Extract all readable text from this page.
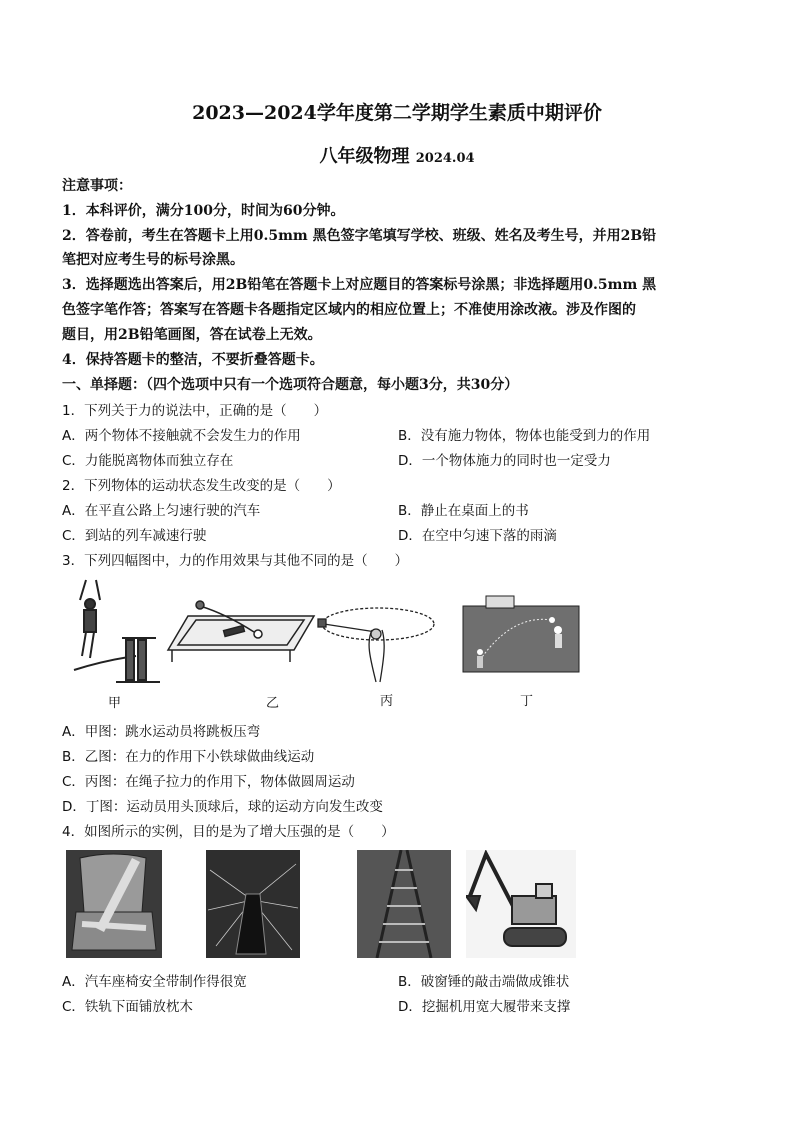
2023—2024学年度第二学期学生素质中期评价
八年级物理 2024.04
注意事项：
1．本科评价，满分100分，时间为60分钟。
2．答卷前，考生在答题卡上用0.5mm 黑色签字笔填写学校、班级、姓名及考生号，并用2B铅
笔把对应考生号的标号涂黑。
3．选择题选出答案后，用2B铅笔在答题卡上对应题目的答案标号涂黑；非选择题用0.5mm 黑
色签字笔作答；答案写在答题卡各题指定区域内的相应位置上；不准使用涂改液。涉及作图的
题目，用2B铅笔画图，答在试卷上无效。
4．保持答题卡的整洁，不要折叠答题卡。
一、单择题：（四个选项中只有一个选项符合题意，每小题3分，共30分）
1．下列关于力的说法中，正确的是（　　）
A．两个物体不接触就不会发生力的作用	B．没有施力物体，物体也能受到力的作用
C．力能脱离物体而独立存在	D．一个物体施力的同时也一定受力
2．下列物体的运动状态发生改变的是（　　）
A．在平直公路上匀速行驶的汽车	B．静止在桌面上的书
C．到站的列车减速行驶	D．在空中匀速下落的雨滴
3．下列四幅图中，力的作用效果与其他不同的是（　　）
甲	乙	丙	丁
A．甲图：跳水运动员将跳板压弯
B．乙图：在力的作用下小铁球做曲线运动
C．丙图：在绳子拉力的作用下，物体做圆周运动
D．丁图：运动员用头顶球后，球的运动方向发生改变
4．如图所示的实例，目的是为了增大压强的是（　　）
A．汽车座椅安全带制作得很宽	B．破窗锤的敲击端做成锥状
C．铁轨下面铺放枕木	D．挖掘机用宽大履带来支撑
